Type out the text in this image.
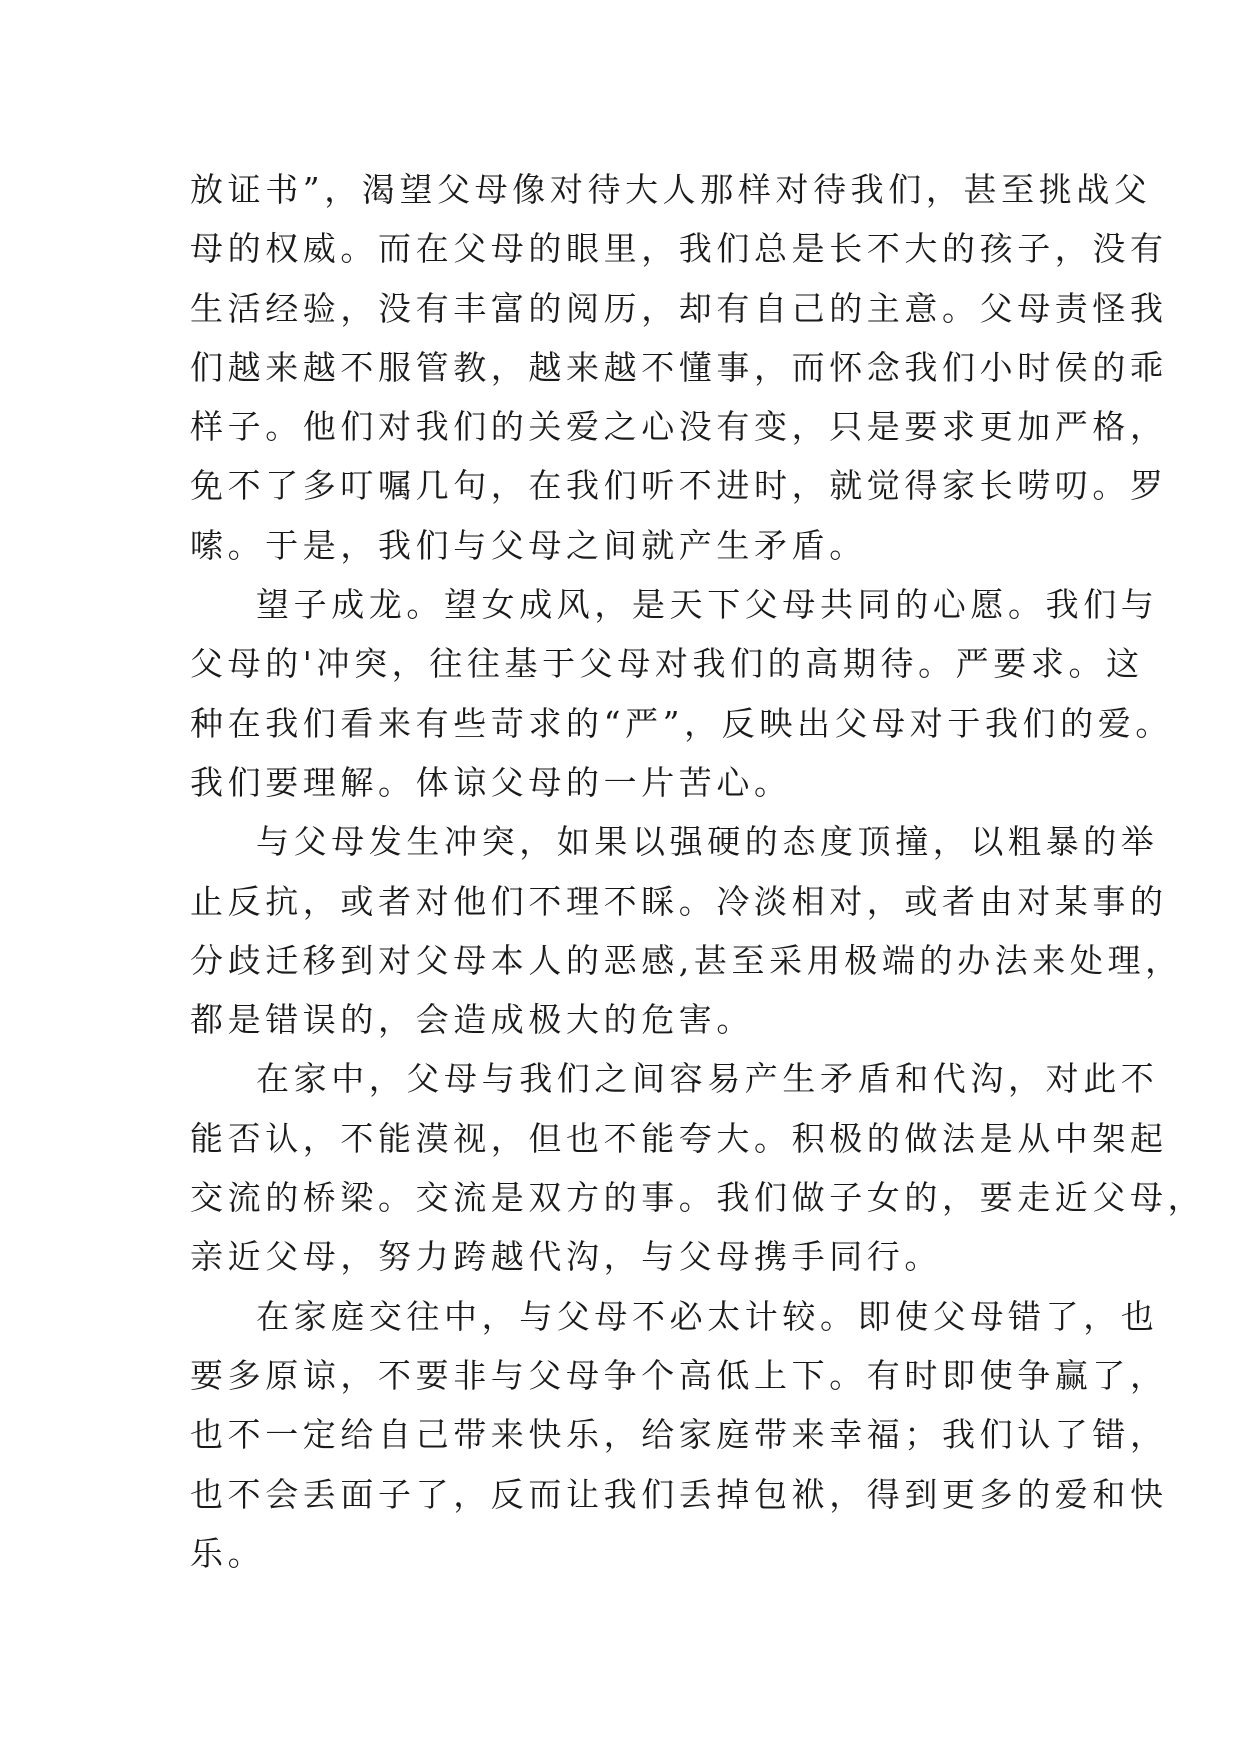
放证书”，渴望父母像对待大人那样对待我们，甚至挑战父
母的权威。而在父母的眼里，我们总是长不大的孩子，没有
生活经验，没有丰富的阅历，却有自己的主意。父母责怪我
们越来越不服管教，越来越不懂事，而怀念我们小时侯的乖
样子。他们对我们的关爱之心没有变，只是要求更加严格，
免不了多叮嘱几句，在我们听不进时，就觉得家长唠叨。罗
嗦。于是，我们与父母之间就产生矛盾。
望子成龙。望女成风，是天下父母共同的心愿。我们与
父母的'冲突，往往基于父母对我们的高期待。严要求。这
种在我们看来有些苛求的“严”，反映出父母对于我们的爱。
我们要理解。体谅父母的一片苦心。
与父母发生冲突，如果以强硬的态度顶撞，以粗暴的举
止反抗，或者对他们不理不睬。冷淡相对，或者由对某事的
分歧迁移到对父母本人的恶感,甚至采用极端的办法来处理，
都是错误的，会造成极大的危害。
在家中，父母与我们之间容易产生矛盾和代沟，对此不
能否认，不能漠视，但也不能夸大。积极的做法是从中架起
交流的桥梁。交流是双方的事。我们做子女的，要走近父母，
亲近父母，努力跨越代沟，与父母携手同行。
在家庭交往中，与父母不必太计较。即使父母错了，也
要多原谅，不要非与父母争个高低上下。有时即使争赢了，
也不一定给自己带来快乐，给家庭带来幸福；我们认了错，
也不会丢面子了，反而让我们丢掉包袱，得到更多的爱和快
乐。
